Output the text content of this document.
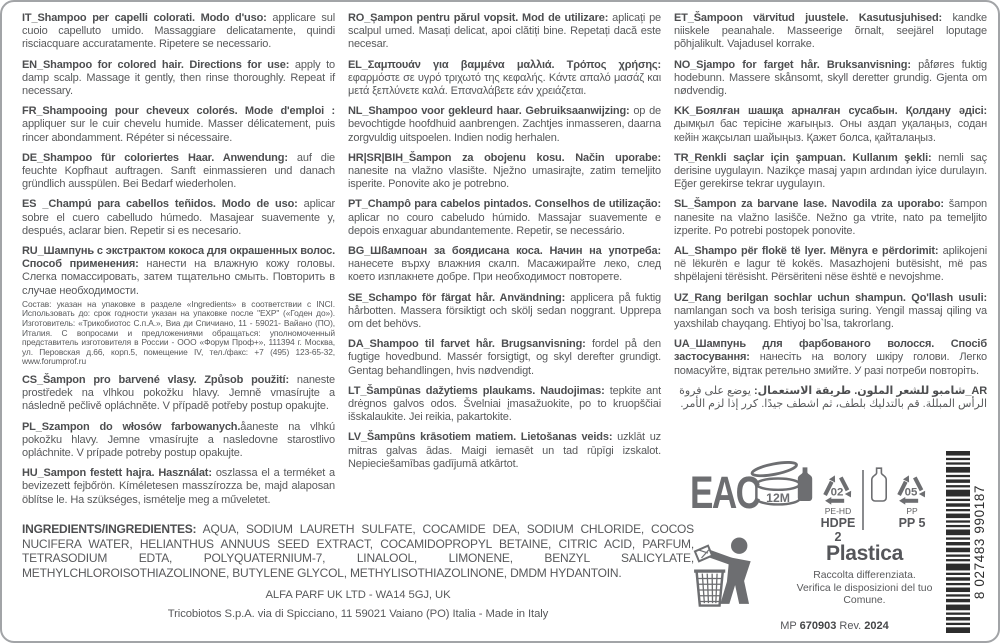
IT_Shampoo per capelli colorati. Modo d'uso: applicare sul cuoio capelluto umido. Massaggiare delicatamente, quindi risciacquare accuratamente. Ripetere se necessario.

EN_Shampoo for colored hair. Directions for use: apply to damp scalp. Massage it gently, then rinse thoroughly. Repeat if necessary.

FR_Shampooing pour cheveux colorés. Mode d'emploi : appliquer sur le cuir chevelu humide. Masser délicatement, puis rincer abondamment. Répéter si nécessaire.

DE_Shampoo für coloriertes Haar. Anwendung: auf die feuchte Kopfhaut auftragen. Sanft einmassieren und danach gründlich ausspülen. Bei Bedarf wiederholen.

ES _Champú para cabellos teñidos. Modo de uso: aplicar sobre el cuero cabelludo húmedo. Masajear suavemente y, después, aclarar bien. Repetir si es necesario.

RU_Шампунь с экстрактом кокоса для окрашенных волос. Способ применения: нанести на влажную кожу головы. Слегка помассировать, затем тщательно смыть. Повторить в случае необходимости.
Состав: указан на упаковке в разделе «Ingredients» в соответствии с INCI. Использовать до: срок годности указан на упаковке после "EXP" («Годен до»). Изготовитель: «Трикобиотос С.п.А.», Виа ди Спичиано, 11 - 59021- Вайано (ПО), Италия. С вопросами и предложениями обращаться: уполномоченный представитель изготовителя в России - ООО «Форум Проф+», 111394 г. Москва, ул. Перовская д.66, корп.5, помещение IV, тел./факс: +7 (495) 123-65-32, www.forumprof.ru

CS_Šampon pro barvené vlasy. Způsob použití: naneste prostředek na vlhkou pokožku hlavy. Jemně vmasírujte a následně pečlivě opláchněte. V případě potřeby postup opakujte.

PL_Szampon do włosów farbowanych.åaneste na vlhkú pokožku hlavy. Jemne vmasírujte a nasledovne starostlivo opláchnite. V prípade potreby postup opakujte.

HU_Sampon festett hajra. Használat: oszlassa el a terméket a bevizezett fejbőrön. Kíméletesen masszírozza be, majd alaposan öblítse le. Ha szükséges, ismételje meg a műveletet.

RO_Șampon pentru părul vopsit. Mod de utilizare: aplicați pe scalpul umed. Masați delicat, apoi clătiți bine. Repetați dacă este necesar.

EL_Σαμπουάν για βαμμένα μαλλιά. Τρόπος χρήσης: εφαρμόστε σε υγρό τριχωτό της κεφαλής. Κάντε απαλό μασάζ και μετά ξεπλύνετε καλά. Επαναλάβετε εάν χρειάζεται.

NL_Shampoo voor gekleurd haar. Gebruiksaanwijzing: op de bevochtigde hoofdhuid aanbrengen. Zachtjes inmasseren, daarna zorgvuldig uitspoelen. Indien nodig herhalen.

HR|SR|BIH_Šampon za obojenu kosu. Način uporabe: nanesite na vlažno vlasište. Nježno umasirajte, zatim temeljito isperite. Ponovite ako je potrebno.

PT_Champô para cabelos pintados. Conselhos de utilização: aplicar no couro cabeludo húmido. Massajar suavemente e depois enxaguar abundantemente. Repetir, se necessário.

BG_Шßампоан за боядисана коса. Начин на употреба: нанесете върху влажния скалп. Масажирайте леко, след което изплакнете добре. При необходимост повторете.

SE_Schampo för färgat hår. Användning: applicera på fuktig hårbotten. Massera försiktigt och skölj sedan noggrant. Upprepa om det behövs.

DA_Shampoo til farvet hår. Brugsanvisning: fordel på den fugtige hovedbund. Massér forsigtigt, og skyl derefter grundigt. Gentag behandlingen, hvis nødvendigt.

LT_Šampūnas dažytiems plaukams. Naudojimas: tepkite ant drėgnos galvos odos. Švelniai įmasažuokite, po to kruopščiai išskalaukite. Jei reikia, pakartokite.

LV_Šampūns krāsotiem matiem. Lietošanas veids: uzklāt uz mitras galvas ādas. Maigi iemasēt un tad rūpīgi izskalot. Nepieciešamības gadījumā atkārtot.

ET_Šampoon värvitud juustele. Kasutusjuhised: kandke niiskele peanahale. Masseerige õrnalt, seejärel loputage põhjalikult. Vajadusel korrake.

NO_Sjampo for farget hår. Bruksanvisning: påføres fuktig hodebunn. Massere skånsomt, skyll deretter grundig. Gjenta om nødvendig.

KK_Боялған шашқа арналған сусабын. Қолдану әдісі: дымқыл бас терісіне жағыңыз. Оны аздап уқалаңыз, содан кейін жақсылап шайыңыз. Қажет болса, қайталаңыз.

TR_Renkli saçlar için şampuan. Kullanım şekli: nemli saç derisine uygulayın. Nazikçe masaj yapın ardından iyice durulayın. Eğer gerekirse tekrar uygulayın.

SL_Šampon za barvane lase. Navodila za uporabo: šampon nanesite na vlažno lasišče. Nežno ga vtrite, nato pa temeljito izperite. Po potrebi postopek ponovite.

AL_Shampo për flokë të lyer. Mënyra e përdorimit: aplikojeni në lëkurën e lagur të kokës. Masazhojeni butësisht, më pas shpëlajeni tërësisht. Përsëriteni nëse është e nevojshme.

UZ_Rang berilgan sochlar uchun shampun. Qo'llash usuli: namlangan soch va bosh terisiga suring. Yengil massaj qiling va yaxshilab chayqang. Ehtiyoj bo`lsa, takrorlang.

UA_Шампунь для фарбованого волосся. Спосіб застосування: нанесіть на вологу шкіру голови. Легко помасуйте, відтак ретельно змийте. У разі потреби повторіть.

AR_شامبو للشعر الملون. طريقة الاستعمال: يوضع على فروة الرأس المبللة. قم بالتدليك بلطف، ثم اشطف جيدًا. كرر إذا لزم الأمر.

INGREDIENTS/INGREDIENTES: AQUA, SODIUM LAURETH SULFATE, COCAMIDE DEA, SODIUM CHLORIDE, COCOS NUCIFERA WATER, HELIANTHUS ANNUUS SEED EXTRACT, COCAMIDOPROPYL BETAINE, CITRIC ACID, PARFUM, TETRASODIUM EDTA, POLYQUATERNIUM-7, LINALOOL, LIMONENE, BENZYL SALICYLATE, METHYLCHLOROISOTHIAZOLINONE, BUTYLENE GLYCOL, METHYLISOTHIAZOLINONE, DMDM HYDANTOIN.

ALFA PARF UK LTD - WA14 5GJ, UK

Tricobiotos S.p.A. via di Spicciano, 11 59021 Vaiano (PO) Italia - Made in Italy

EAC 12M	02
PE-HD
HDPE 2
05
PP
PP 5
Plastica
Raccolta differenziata.
Verifica le disposizioni del tuo Comune.
MP 670903 Rev. 2024
8 027483 990187
